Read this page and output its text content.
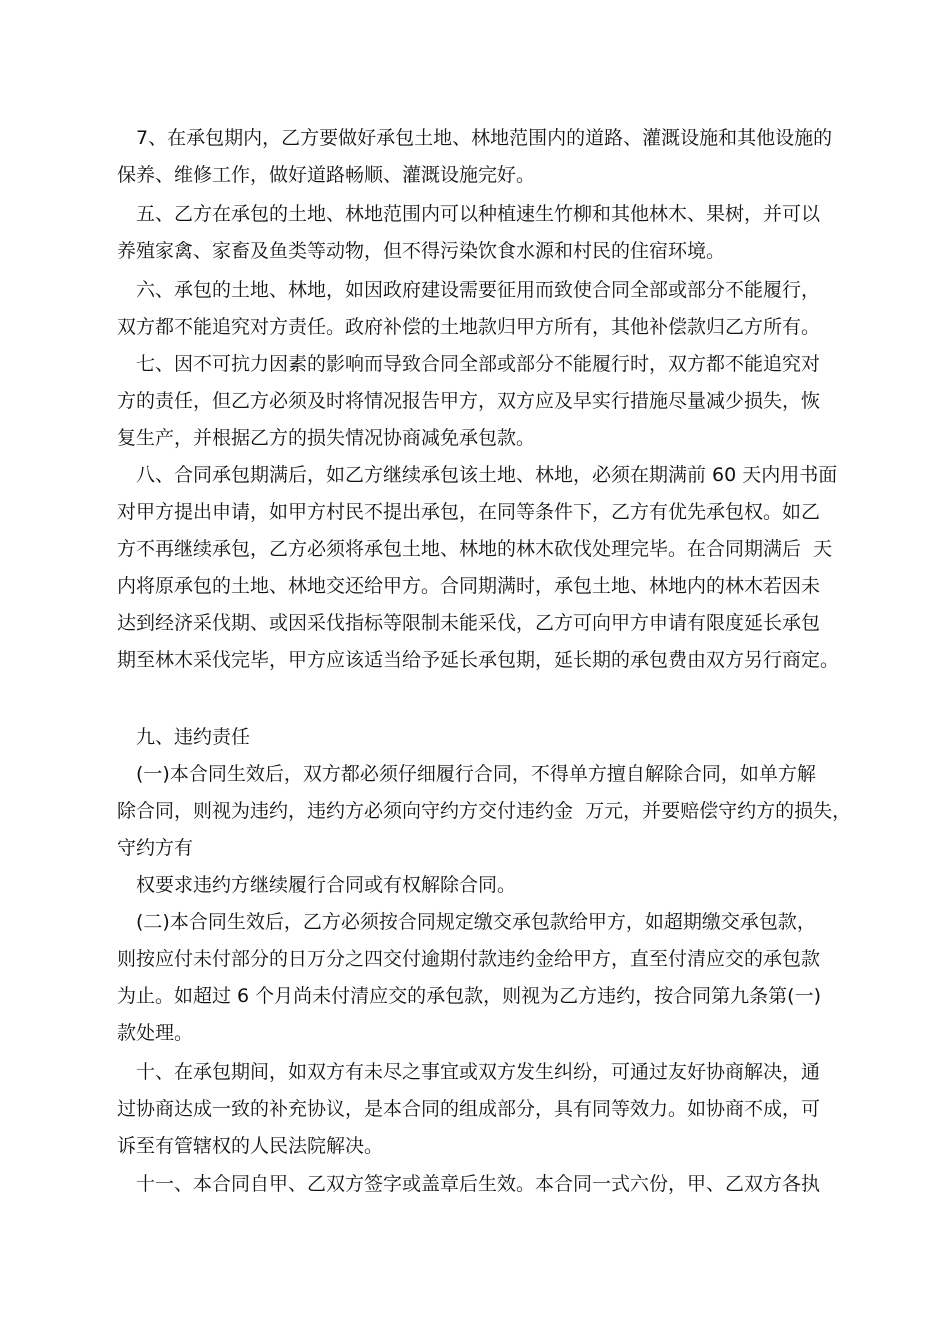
7、在承包期内，乙方要做好承包土地、林地范围内的道路、灌溉设施和其他设施的
保养、维修工作，做好道路畅顺、灌溉设施完好。
五、乙方在承包的土地、林地范围内可以种植速生竹柳和其他林木、果树，并可以
养殖家禽、家畜及鱼类等动物，但不得污染饮食水源和村民的住宿环境。
六、承包的土地、林地，如因政府建设需要征用而致使合同全部或部分不能履行，
双方都不能追究对方责任。政府补偿的土地款归甲方所有，其他补偿款归乙方所有。
七、因不可抗力因素的影响而导致合同全部或部分不能履行时，双方都不能追究对
方的责任，但乙方必须及时将情况报告甲方，双方应及早实行措施尽量减少损失，恢
复生产，并根据乙方的损失情况协商减免承包款。
八、合同承包期满后，如乙方继续承包该土地、林地，必须在期满前 60 天内用书面
对甲方提出申请，如甲方村民不提出承包，在同等条件下，乙方有优先承包权。如乙
方不再继续承包，乙方必须将承包土地、林地的林木砍伐处理完毕。在合同期满后  天
内将原承包的土地、林地交还给甲方。合同期满时，承包土地、林地内的林木若因未
达到经济采伐期、或因采伐指标等限制未能采伐，乙方可向甲方申请有限度延长承包
期至林木采伐完毕，甲方应该适当给予延长承包期，延长期的承包费由双方另行商定。
九、违约责任
(一)本合同生效后，双方都必须仔细履行合同，不得单方擅自解除合同，如单方解
除合同，则视为违约，违约方必须向守约方交付违约金  万元，并要赔偿守约方的损失，
守约方有
权要求违约方继续履行合同或有权解除合同。
(二)本合同生效后，乙方必须按合同规定缴交承包款给甲方，如超期缴交承包款，
则按应付未付部分的日万分之四交付逾期付款违约金给甲方，直至付清应交的承包款
为止。如超过 6 个月尚未付清应交的承包款，则视为乙方违约，按合同第九条第(一)
款处理。
十、在承包期间，如双方有未尽之事宜或双方发生纠纷，可通过友好协商解决，通
过协商达成一致的补充协议，是本合同的组成部分，具有同等效力。如协商不成，可
诉至有管辖权的人民法院解决。
十一、本合同自甲、乙双方签字或盖章后生效。本合同一式六份，甲、乙双方各执
